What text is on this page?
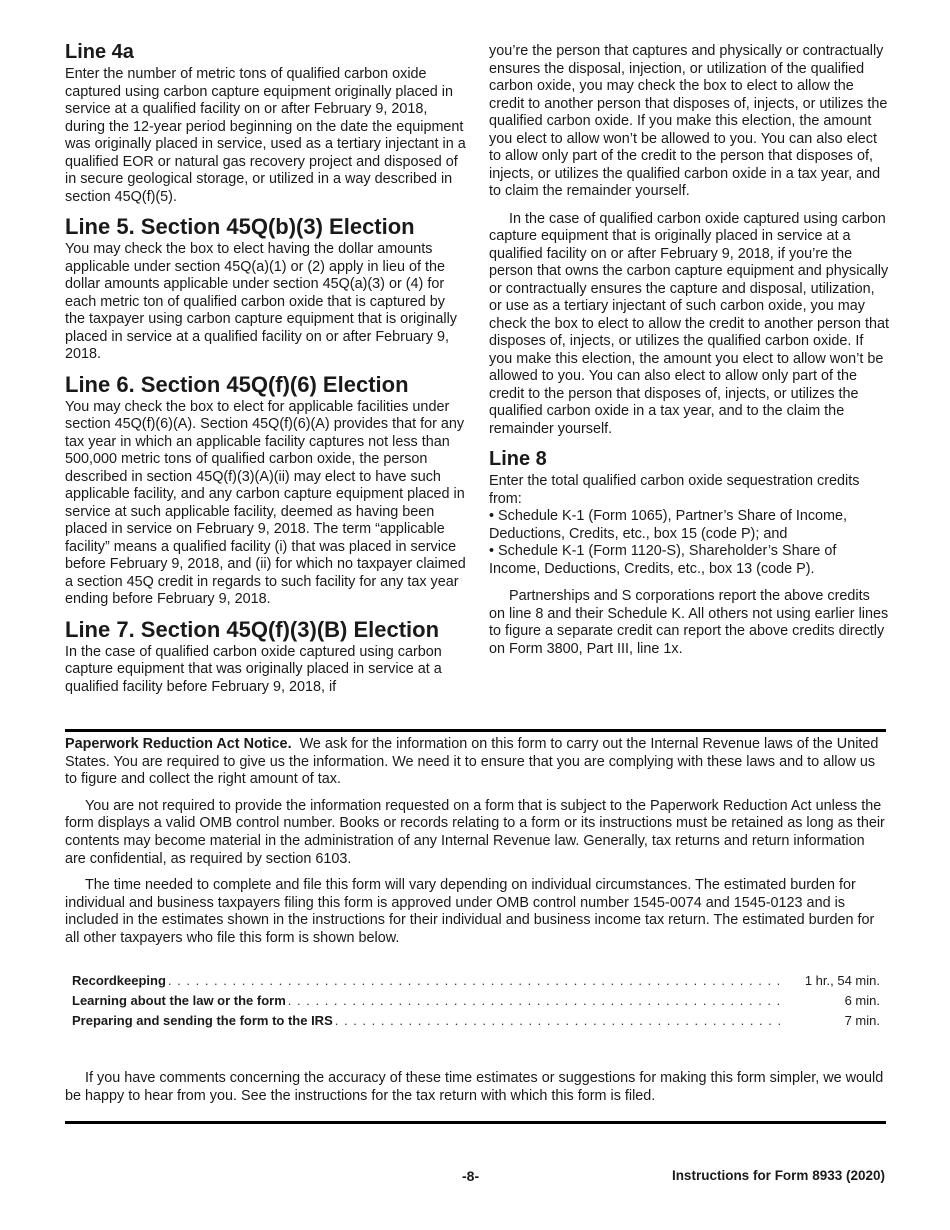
Line 4a

Enter the number of metric tons of qualified carbon oxide captured using carbon capture equipment originally placed in service at a qualified facility on or after February 9, 2018, during the 12-year period beginning on the date the equipment was originally placed in service, used as a tertiary injectant in a qualified EOR or natural gas recovery project and disposed of in secure geological storage, or utilized in a way described in section 45Q(f)(5).

Line 5. Section 45Q(b)(3) Election

You may check the box to elect having the dollar amounts applicable under section 45Q(a)(1) or (2) apply in lieu of the dollar amounts applicable under section 45Q(a)(3) or (4) for each metric ton of qualified carbon oxide that is captured by the taxpayer using carbon capture equipment that is originally placed in service at a qualified facility on or after February 9, 2018.

Line 6. Section 45Q(f)(6) Election

You may check the box to elect for applicable facilities under section 45Q(f)(6)(A). Section 45Q(f)(6)(A) provides that for any tax year in which an applicable facility captures not less than 500,000 metric tons of qualified carbon oxide, the person described in section 45Q(f)(3)(A)(ii) may elect to have such applicable facility, and any carbon capture equipment placed in service at such applicable facility, deemed as having been placed in service on February 9, 2018. The term “applicable facility” means a qualified facility (i) that was placed in service before February 9, 2018, and (ii) for which no taxpayer claimed a section 45Q credit in regards to such facility for any tax year ending before February 9, 2018.

Line 7. Section 45Q(f)(3)(B) Election

In the case of qualified carbon oxide captured using carbon capture equipment that was originally placed in service at a qualified facility before February 9, 2018, if

you’re the person that captures and physically or contractually ensures the disposal, injection, or utilization of the qualified carbon oxide, you may check the box to elect to allow the credit to another person that disposes of, injects, or utilizes the qualified carbon oxide. If you make this election, the amount you elect to allow won’t be allowed to you. You can also elect to allow only part of the credit to the person that disposes of, injects, or utilizes the qualified carbon oxide in a tax year, and to claim the remainder yourself.

In the case of qualified carbon oxide captured using carbon capture equipment that is originally placed in service at a qualified facility on or after February 9, 2018, if you’re the person that owns the carbon capture equipment and physically or contractually ensures the capture and disposal, utilization, or use as a tertiary injectant of such carbon oxide, you may check the box to elect to allow the credit to another person that disposes of, injects, or utilizes the qualified carbon oxide. If you make this election, the amount you elect to allow won’t be allowed to you. You can also elect to allow only part of the credit to the person that disposes of, injects, or utilizes the qualified carbon oxide in a tax year, and to the claim the remainder yourself.

Line 8

Enter the total qualified carbon oxide sequestration credits from:

• Schedule K-1 (Form 1065), Partner’s Share of Income, Deductions, Credits, etc., box 15 (code P); and
• Schedule K-1 (Form 1120-S), Shareholder’s Share of Income, Deductions, Credits, etc., box 13 (code P).

Partnerships and S corporations report the above credits on line 8 and their Schedule K. All others not using earlier lines to figure a separate credit can report the above credits directly on Form 3800, Part III, line 1x.

Paperwork Reduction Act Notice. We ask for the information on this form to carry out the Internal Revenue laws of the United States. You are required to give us the information. We need it to ensure that you are complying with these laws and to allow us to figure and collect the right amount of tax.

You are not required to provide the information requested on a form that is subject to the Paperwork Reduction Act unless the form displays a valid OMB control number. Books or records relating to a form or its instructions must be retained as long as their contents may become material in the administration of any Internal Revenue law. Generally, tax returns and return information are confidential, as required by section 6103.

The time needed to complete and file this form will vary depending on individual circumstances. The estimated burden for individual and business taxpayers filing this form is approved under OMB control number 1545-0074 and 1545-0123 and is included in the estimates shown in the instructions for their individual and business income tax return. The estimated burden for all other taxpayers who file this form is shown below.

Recordkeeping . . .	1 hr., 54 min.
Learning about the law or the form . . .	6 min.
Preparing and sending the form to the IRS . . .	7 min.

If you have comments concerning the accuracy of these time estimates or suggestions for making this form simpler, we would be happy to hear from you. See the instructions for the tax return with which this form is filed.

-8-	Instructions for Form 8933 (2020)
